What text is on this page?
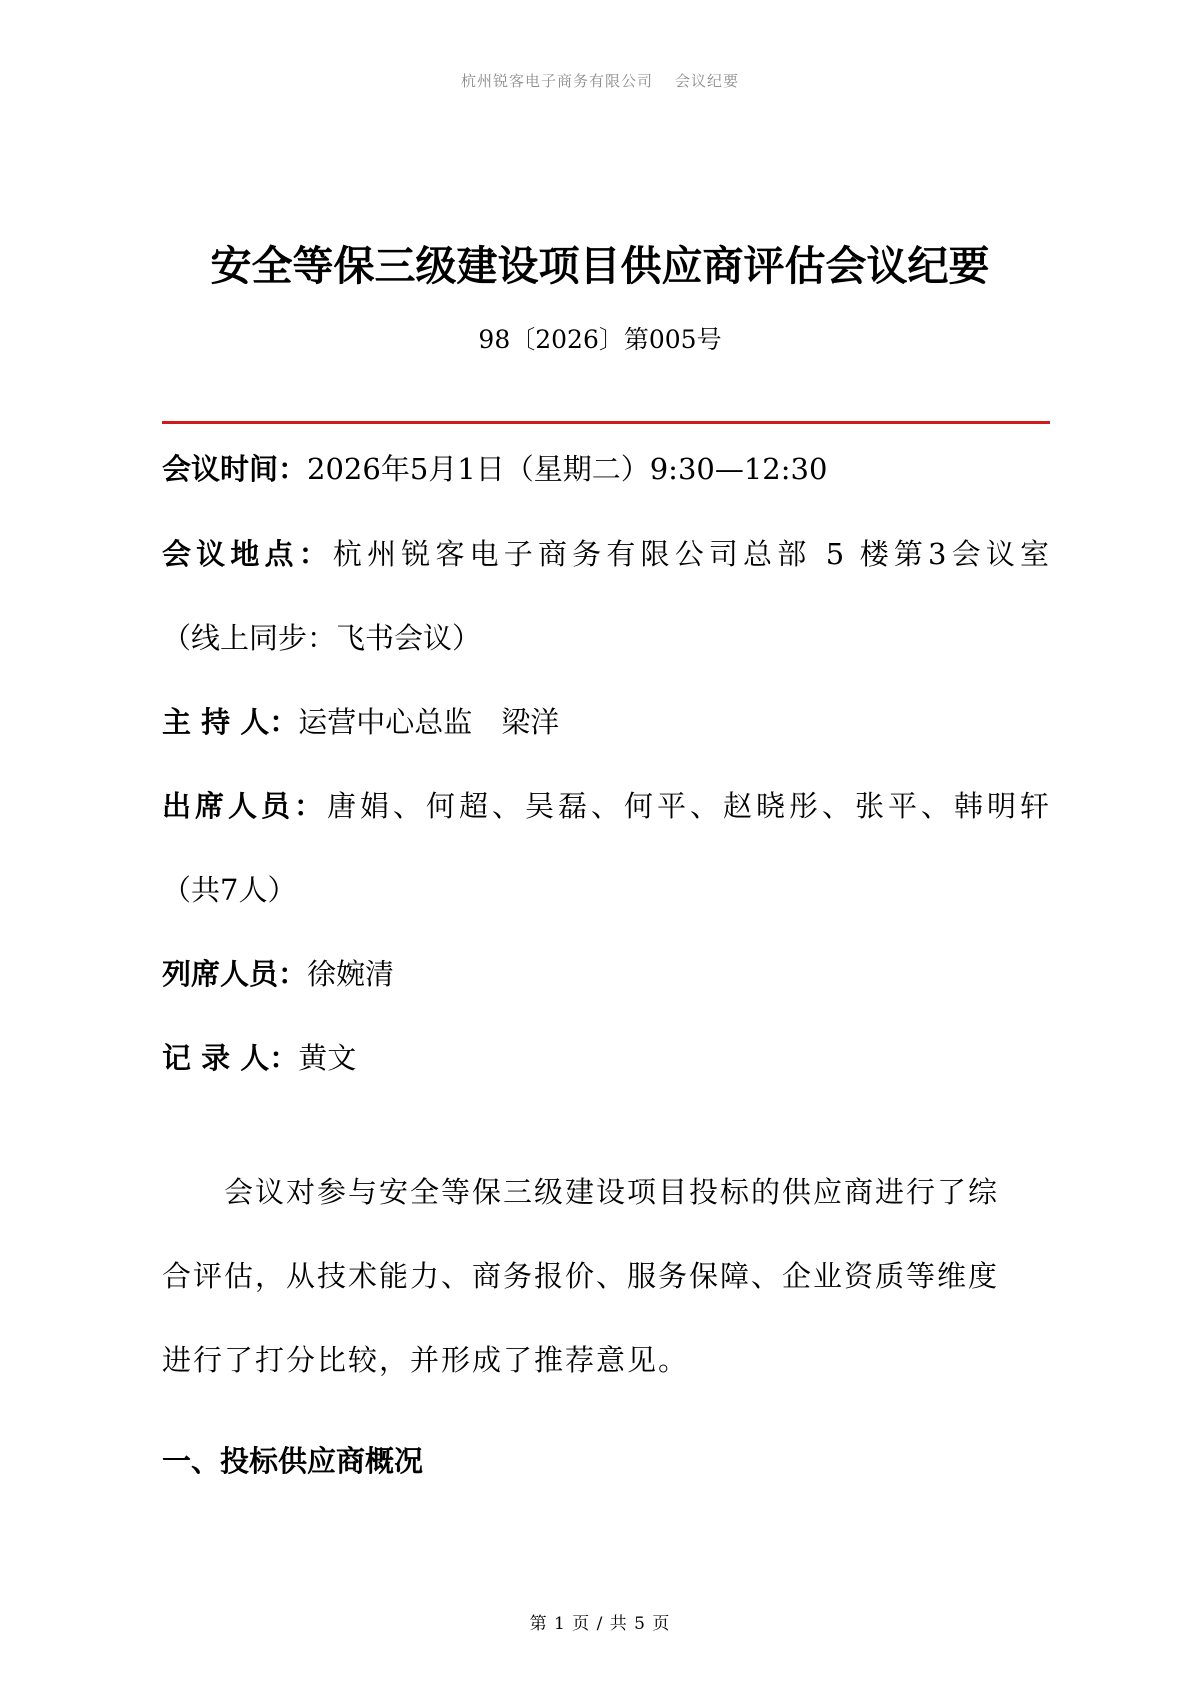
杭州锐客电子商务有限公司 会议纪要
安全等保三级建设项目供应商评估会议纪要
98〔2026〕第005号
会议时间：2026年5月1日（星期二）9:30—12:30
会议地点：杭州锐客电子商务有限公司总部 5 楼第3会议室
（线上同步：飞书会议）
主 持 人：运营中心总监　梁洋
出席人员：唐娟、何超、吴磊、何平、赵晓彤、张平、韩明轩
（共7人）
列席人员：徐婉清
记 录 人：黄文
　　会议对参与安全等保三级建设项目投标的供应商进行了综
合评估，从技术能力、商务报价、服务保障、企业资质等维度
进行了打分比较，并形成了推荐意见。
一、投标供应商概况
第 1 页 / 共 5 页
